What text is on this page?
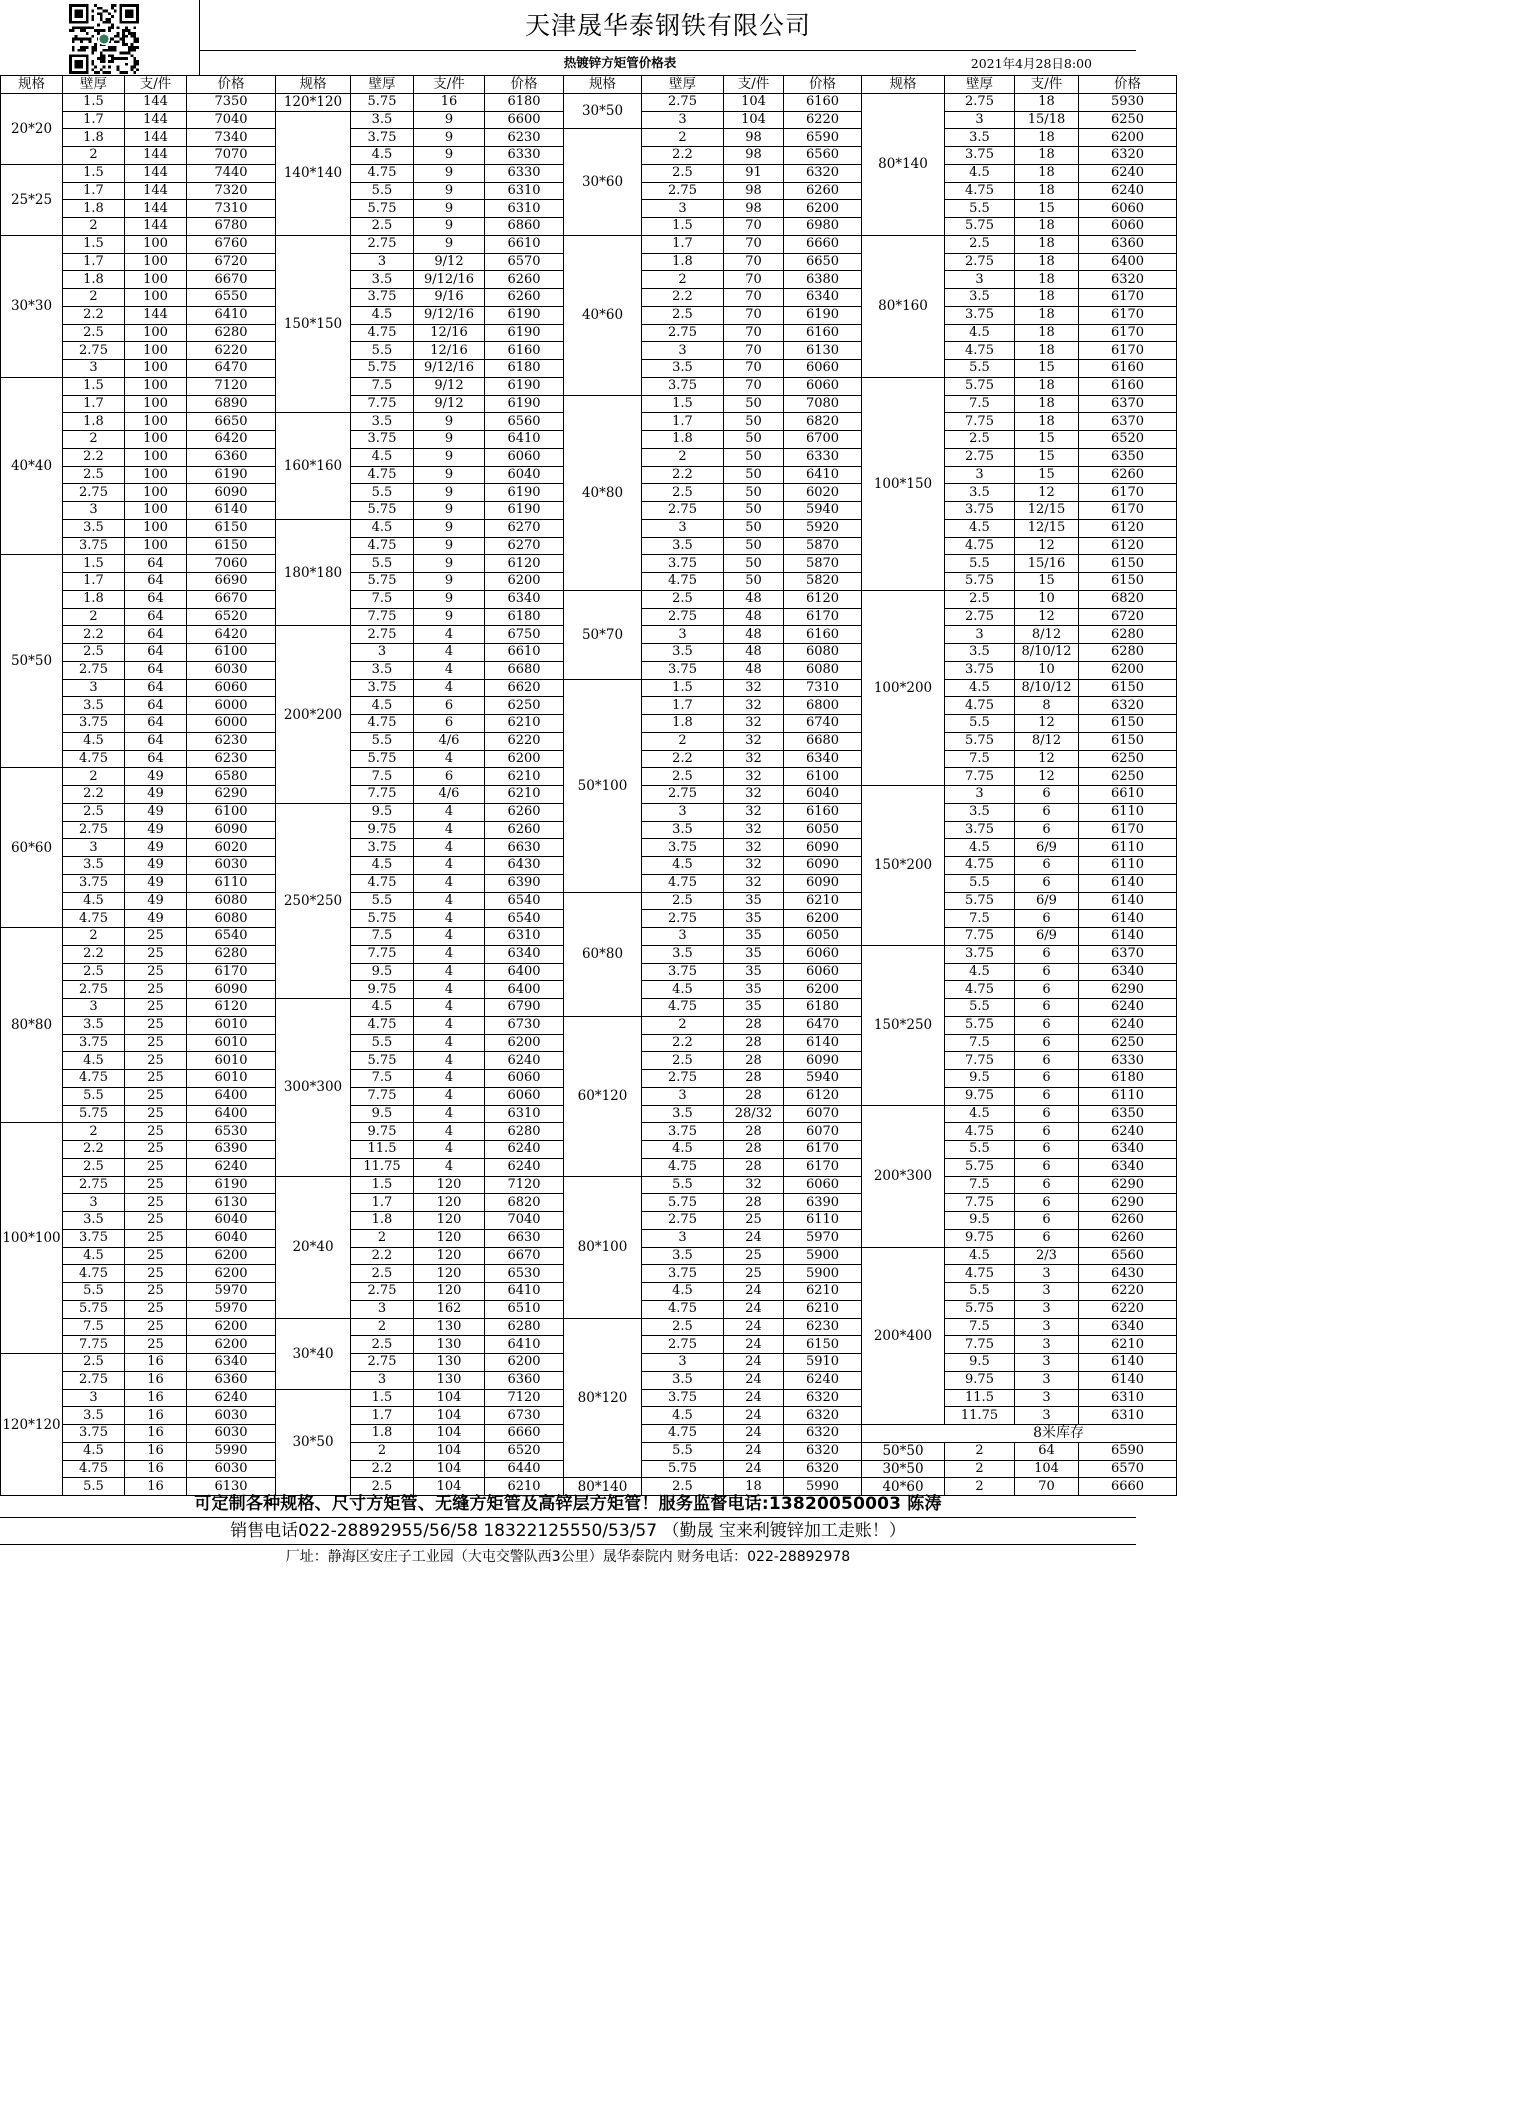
天津晟华泰钢铁有限公司
热镀锌方矩管价格表	2021年4月28日8:00
规格	壁厚	支/件	价格	规格	壁厚	支/件	价格	规格	壁厚	支/件	价格	规格	壁厚	支/件	价格
20*20	1.5	144	7350	120*120	5.75	16	6180	30*50	2.75	104	6160	80*140	2.75	18	5930
	1.7	144	7040	140*140	3.5	9	6600		3	104	6220		3	15/18	6250
	1.8	144	7340		3.75	9	6230	30*60	2	98	6590		3.5	18	6200
	2	144	7070		4.5	9	6330		2.2	98	6560		3.75	18	6320
25*25	1.5	144	7440		4.75	9	6330		2.5	91	6320		4.5	18	6240
	1.7	144	7320		5.5	9	6310		2.75	98	6260		4.75	18	6240
	1.8	144	7310		5.75	9	6310		3	98	6200		5.5	15	6060
	2	144	6780		2.5	9	6860		1.5	70	6980		5.75	18	6060
30*30	1.5	100	6760	150*150	2.75	9	6610	40*60	1.7	70	6660	80*160	2.5	18	6360
	1.7	100	6720		3	9/12	6570		1.8	70	6650		2.75	18	6400
	1.8	100	6670		3.5	9/12/16	6260		2	70	6380		3	18	6320
	2	100	6550		3.75	9/16	6260		2.2	70	6340		3.5	18	6170
	2.2	144	6410		4.5	9/12/16	6190		2.5	70	6190		3.75	18	6170
	2.5	100	6280		4.75	12/16	6190		2.75	70	6160		4.5	18	6170
	2.75	100	6220		5.5	12/16	6160		3	70	6130		4.75	18	6170
	3	100	6470		5.75	9/12/16	6180		3.5	70	6060		5.5	15	6160
40*40	1.5	100	7120		7.5	9/12	6190		3.75	70	6060	100*150	5.75	18	6160
	1.7	100	6890		7.75	9/12	6190	40*80	1.5	50	7080		7.5	18	6370
	1.8	100	6650	160*160	3.5	9	6560		1.7	50	6820		7.75	18	6370
	2	100	6420		3.75	9	6410		1.8	50	6700		2.5	15	6520
	2.2	100	6360		4.5	9	6060		2	50	6330		2.75	15	6350
	2.5	100	6190		4.75	9	6040		2.2	50	6410		3	15	6260
	2.75	100	6090		5.5	9	6190		2.5	50	6020		3.5	12	6170
	3	100	6140		5.75	9	6190		2.75	50	5940		3.75	12/15	6170
	3.5	100	6150	180*180	4.5	9	6270		3	50	5920		4.5	12/15	6120
	3.75	100	6150		4.75	9	6270		3.5	50	5870		4.75	12	6120
50*50	1.5	64	7060		5.5	9	6120		3.75	50	5870		5.5	15/16	6150
	1.7	64	6690		5.75	9	6200		4.75	50	5820		5.75	15	6150
	1.8	64	6670		7.5	9	6340	50*70	2.5	48	6120	100*200	2.5	10	6820
	2	64	6520		7.75	9	6180		2.75	48	6170		2.75	12	6720
	2.2	64	6420	200*200	2.75	4	6750		3	48	6160		3	8/12	6280
	2.5	64	6100		3	4	6610		3.5	48	6080		3.5	8/10/12	6280
	2.75	64	6030		3.5	4	6680		3.75	48	6080		3.75	10	6200
	3	64	6060		3.75	4	6620	50*100	1.5	32	7310		4.5	8/10/12	6150
	3.5	64	6000		4.5	6	6250		1.7	32	6800		4.75	8	6320
	3.75	64	6000		4.75	6	6210		1.8	32	6740		5.5	12	6150
	4.5	64	6230		5.5	4/6	6220		2	32	6680		5.75	8/12	6150
	4.75	64	6230		5.75	4	6200		2.2	32	6340		7.5	12	6250
60*60	2	49	6580		7.5	6	6210		2.5	32	6100		7.75	12	6250
	2.2	49	6290		7.75	4/6	6210		2.75	32	6040	150*200	3	6	6610
	2.5	49	6100	250*250	9.5	4	6260		3	32	6160		3.5	6	6110
	2.75	49	6090		9.75	4	6260		3.5	32	6050		3.75	6	6170
	3	49	6020		3.75	4	6630		3.75	32	6090		4.5	6/9	6110
	3.5	49	6030		4.5	4	6430		4.5	32	6090		4.75	6	6110
	3.75	49	6110		4.75	4	6390		4.75	32	6090		5.5	6	6140
	4.5	49	6080		5.5	4	6540	60*80	2.5	35	6210		5.75	6/9	6140
	4.75	49	6080		5.75	4	6540		2.75	35	6200		7.5	6	6140
80*80	2	25	6540		7.5	4	6310		3	35	6050		7.75	6/9	6140
	2.2	25	6280		7.75	4	6340		3.5	35	6060	150*250	3.75	6	6370
	2.5	25	6170		9.5	4	6400		3.75	35	6060		4.5	6	6340
	2.75	25	6090		9.75	4	6400		4.5	35	6200		4.75	6	6290
	3	25	6120	300*300	4.5	4	6790		4.75	35	6180		5.5	6	6240
	3.5	25	6010		4.75	4	6730	60*120	2	28	6470		5.75	6	6240
	3.75	25	6010		5.5	4	6200		2.2	28	6140		7.5	6	6250
	4.5	25	6010		5.75	4	6240		2.5	28	6090		7.75	6	6330
	4.75	25	6010		7.5	4	6060		2.75	28	5940		9.5	6	6180
	5.5	25	6400		7.75	4	6060		3	28	6120		9.75	6	6110
	5.75	25	6400		9.5	4	6310		3.5	28/32	6070	200*300	4.5	6	6350
100*100	2	25	6530		9.75	4	6280		3.75	28	6070		4.75	6	6240
	2.2	25	6390		11.5	4	6240		4.5	28	6170		5.5	6	6340
	2.5	25	6240		11.75	4	6240		4.75	28	6170		5.75	6	6340
	2.75	25	6190	20*40	1.5	120	7120	80*100	5.5	32	6060		7.5	6	6290
	3	25	6130		1.7	120	6820		5.75	28	6390		7.75	6	6290
	3.5	25	6040		1.8	120	7040		2.75	25	6110		9.5	6	6260
	3.75	25	6040		2	120	6630		3	24	5970		9.75	6	6260
	4.5	25	6200		2.2	120	6670		3.5	25	5900	200*400	4.5	2/3	6560
	4.75	25	6200		2.5	120	6530		3.75	25	5900		4.75	3	6430
	5.5	25	5970		2.75	120	6410		4.5	24	6210		5.5	3	6220
	5.75	25	5970		3	162	6510		4.75	24	6210		5.75	3	6220
	7.5	25	6200	30*40	2	130	6280	80*120	2.5	24	6230		7.5	3	6340
	7.75	25	6200		2.5	130	6410		2.75	24	6150		7.75	3	6210
120*120	2.5	16	6340		2.75	130	6200		3	24	5910		9.5	3	6140
	2.75	16	6360		3	130	6360		3.5	24	6240		9.75	3	6140
	3	16	6240	30*50	1.5	104	7120		3.75	24	6320		11.5	3	6310
	3.5	16	6030		1.7	104	6730		4.5	24	6320		11.75	3	6310
	3.75	16	6030		1.8	104	6660		4.75	24	6320	8米库存			
	4.5	16	5990		2	104	6520		5.5	24	6320	50*50	2	64	6590
	4.75	16	6030		2.2	104	6440		5.75	24	6320	30*50	2	104	6570
	5.5	16	6130		2.5	104	6210	80*140	2.5	18	5990	40*60	2	70	6660
可定制各种规格、尺寸方矩管、无缝方矩管及高锌层方矩管！服务监督电话:13820050003 陈涛
销售电话022-28892955/56/58 18322125550/53/57 （勤晟 宝来利镀锌加工走账！）
厂址：静海区安庄子工业园（大屯交警队西3公里）晟华泰院内 财务电话：022-28892978
